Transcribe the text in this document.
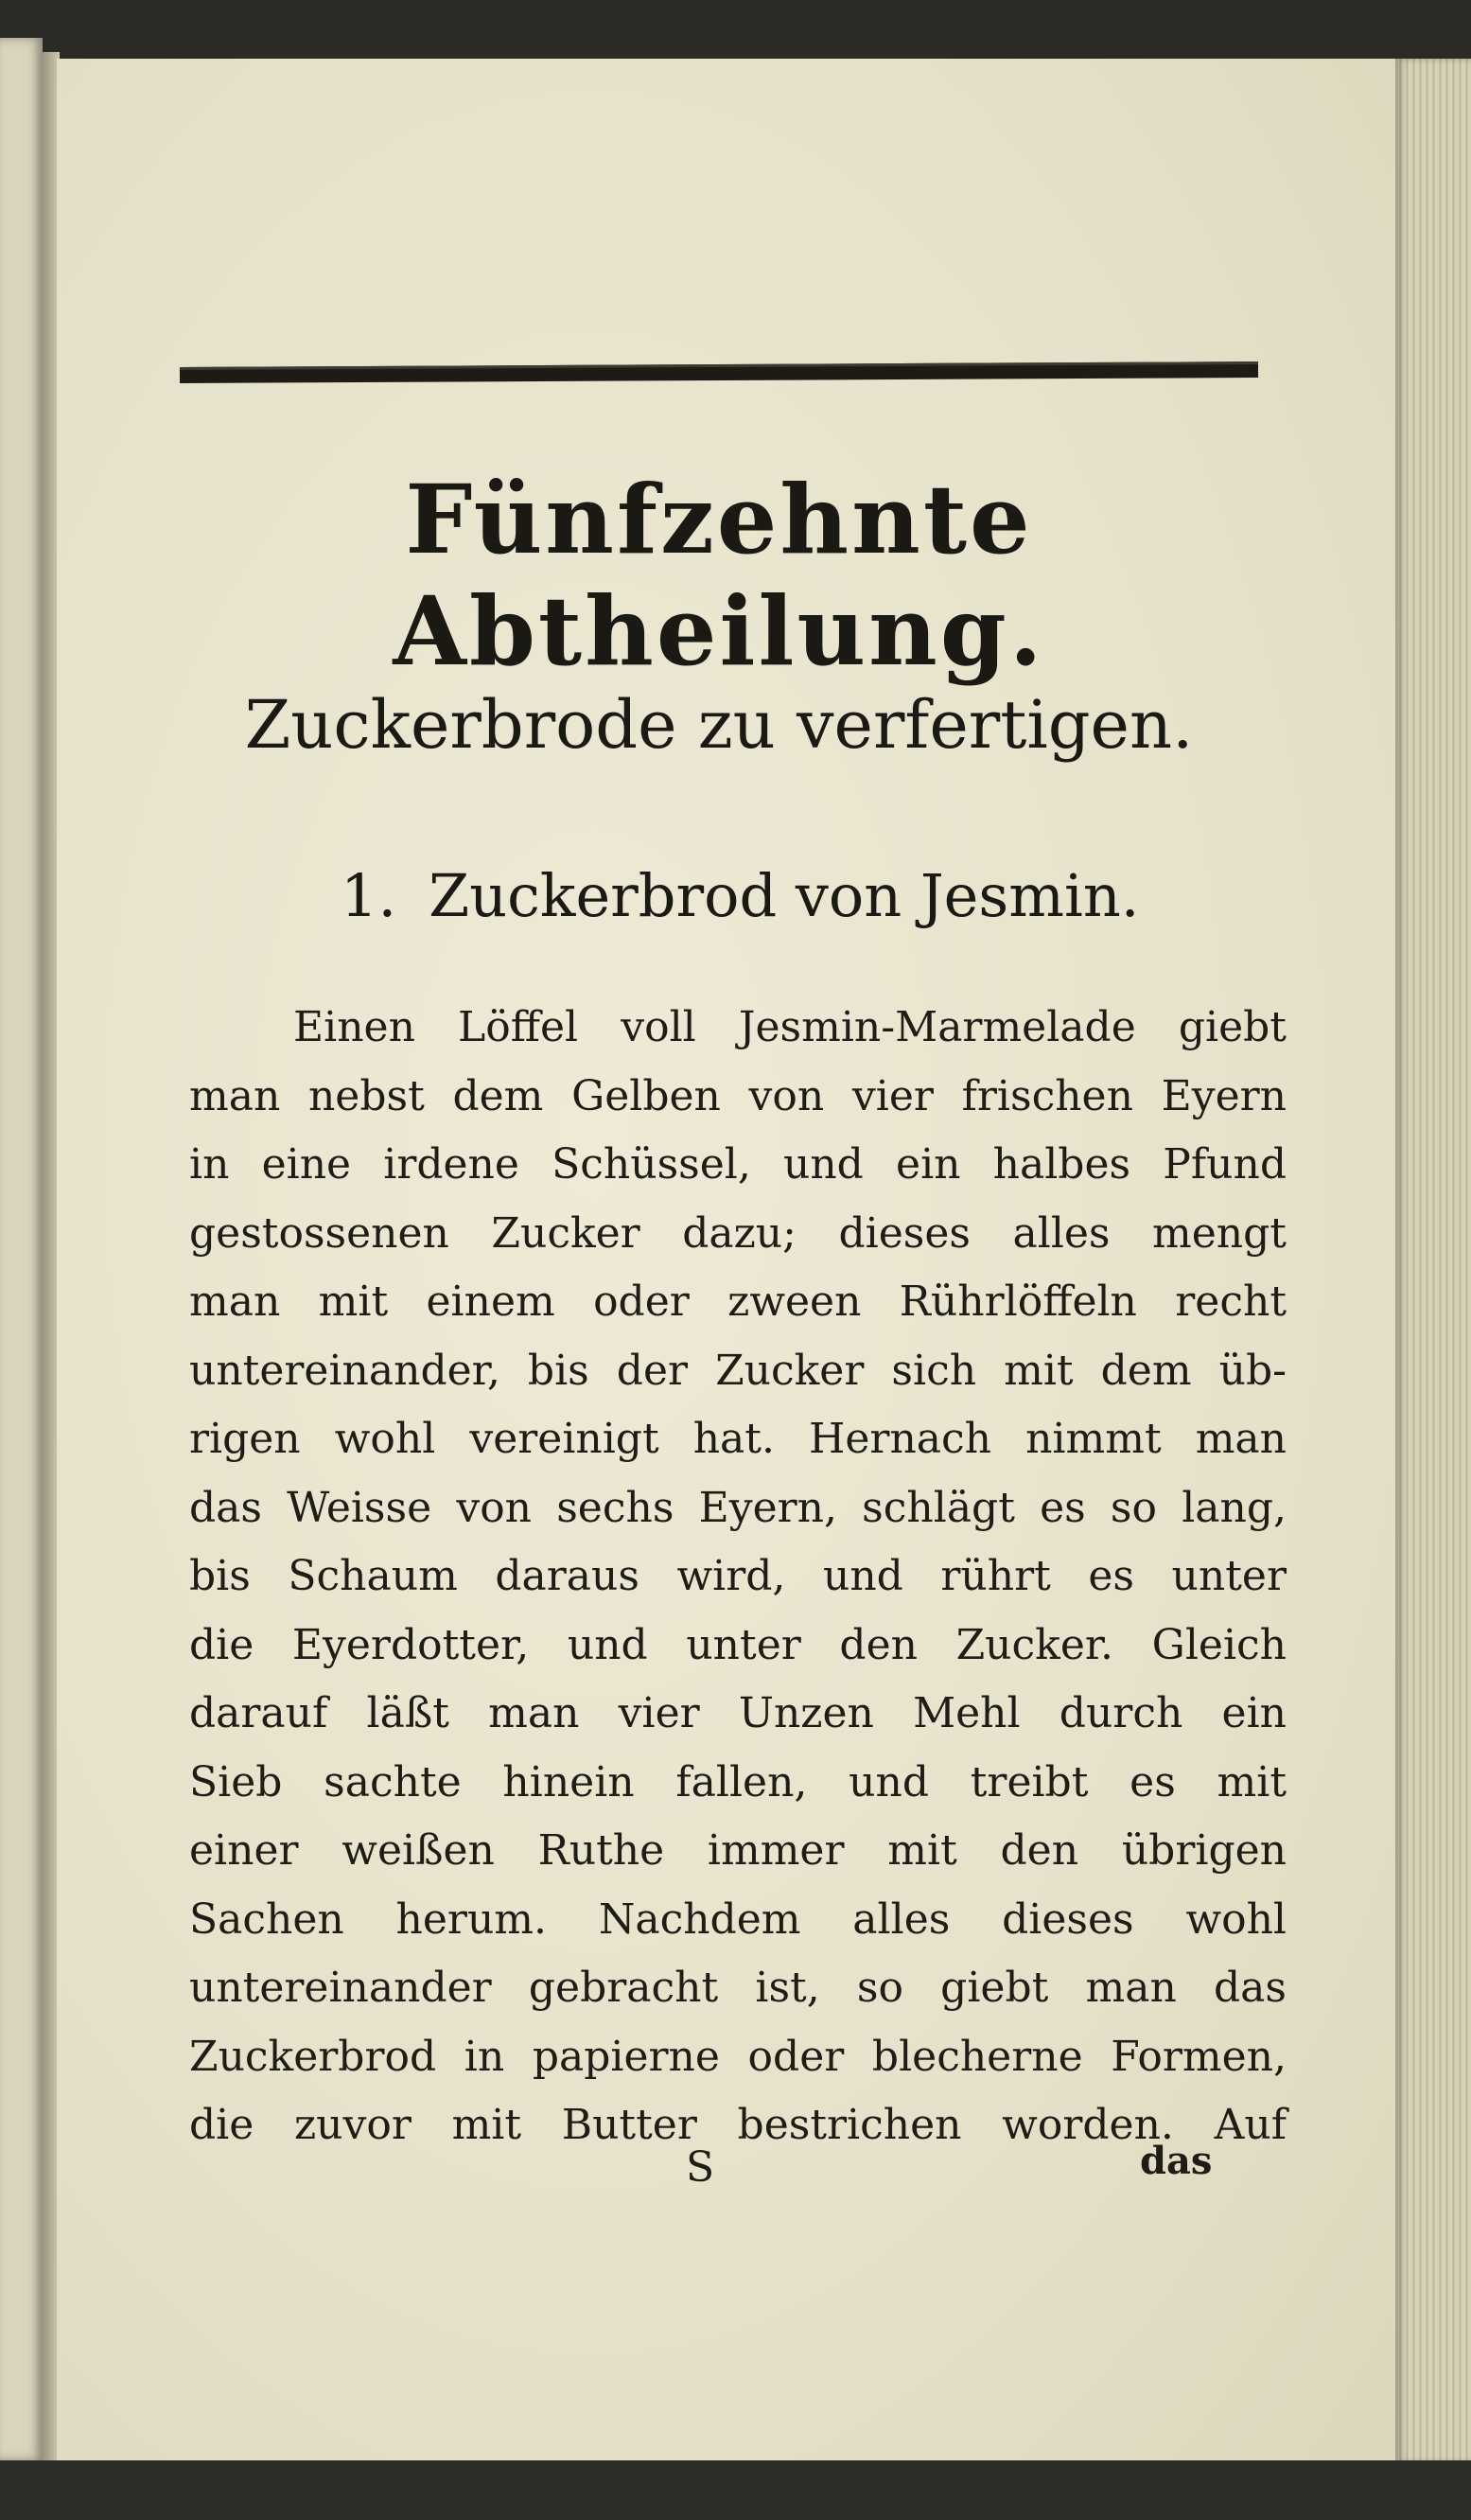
Fünfzehnte Abtheilung.
Zuckerbrode zu verfertigen.
1. Zuckerbrod von Jesmin.
Einen Löffel voll Jesmin-Marmelade giebt
man nebst dem Gelben von vier frischen Eyern
in eine irdene Schüssel, und ein halbes Pfund
gestossenen Zucker dazu; dieses alles mengt
man mit einem oder zween Rührlöffeln recht
untereinander, bis der Zucker sich mit dem üb-
rigen wohl vereinigt hat. Hernach nimmt man
das Weisse von sechs Eyern, schlägt es so lang,
bis Schaum daraus wird, und rührt es unter
die Eyerdotter, und unter den Zucker. Gleich
darauf läßt man vier Unzen Mehl durch ein
Sieb sachte hinein fallen, und treibt es mit
einer weißen Ruthe immer mit den übrigen
Sachen herum. Nachdem alles dieses wohl
untereinander gebracht ist, so giebt man das
Zuckerbrod in papierne oder blecherne Formen,
die zuvor mit Butter bestrichen worden. Auf
S	das
